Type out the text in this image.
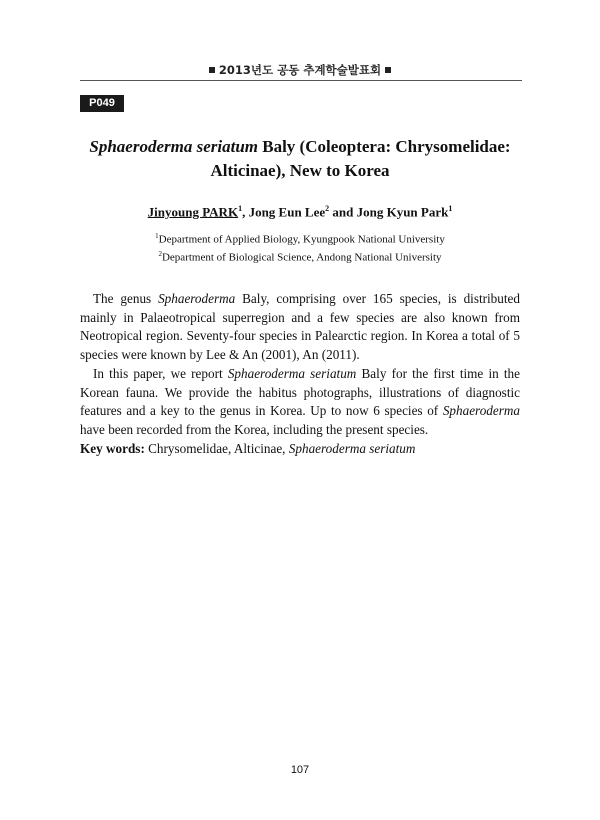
2013년도 공동 추계학술발표회
P049
Sphaeroderma seriatum Baly (Coleoptera: Chrysomelidae:
Alticinae), New to Korea
Jinyoung PARK$^1$, Jong Eun Lee$^2$ and Jong Kyun Park$^1$
$^1$Department of Applied Biology, Kyungpook National University
$^2$Department of Biological Science, Andong National University

The genus Sphaeroderma Baly, comprising over 165 species, is distributed mainly in Palaeotropical superregion and a few species are also known from Neotropical region. Seventy-four species in Palearctic region. In Korea a total of 5 species were known by Lee & An (2001), An (2011).

In this paper, we report Sphaeroderma seriatum Baly for the first time in the Korean fauna. We provide the habitus photographs, illustrations of diagnostic features and a key to the genus in Korea. Up to now 6 species of Sphaeroderma have been recorded from the Korea, including the present species.

Key words: Chrysomelidae, Alticinae, Sphaeroderma seriatum
107
